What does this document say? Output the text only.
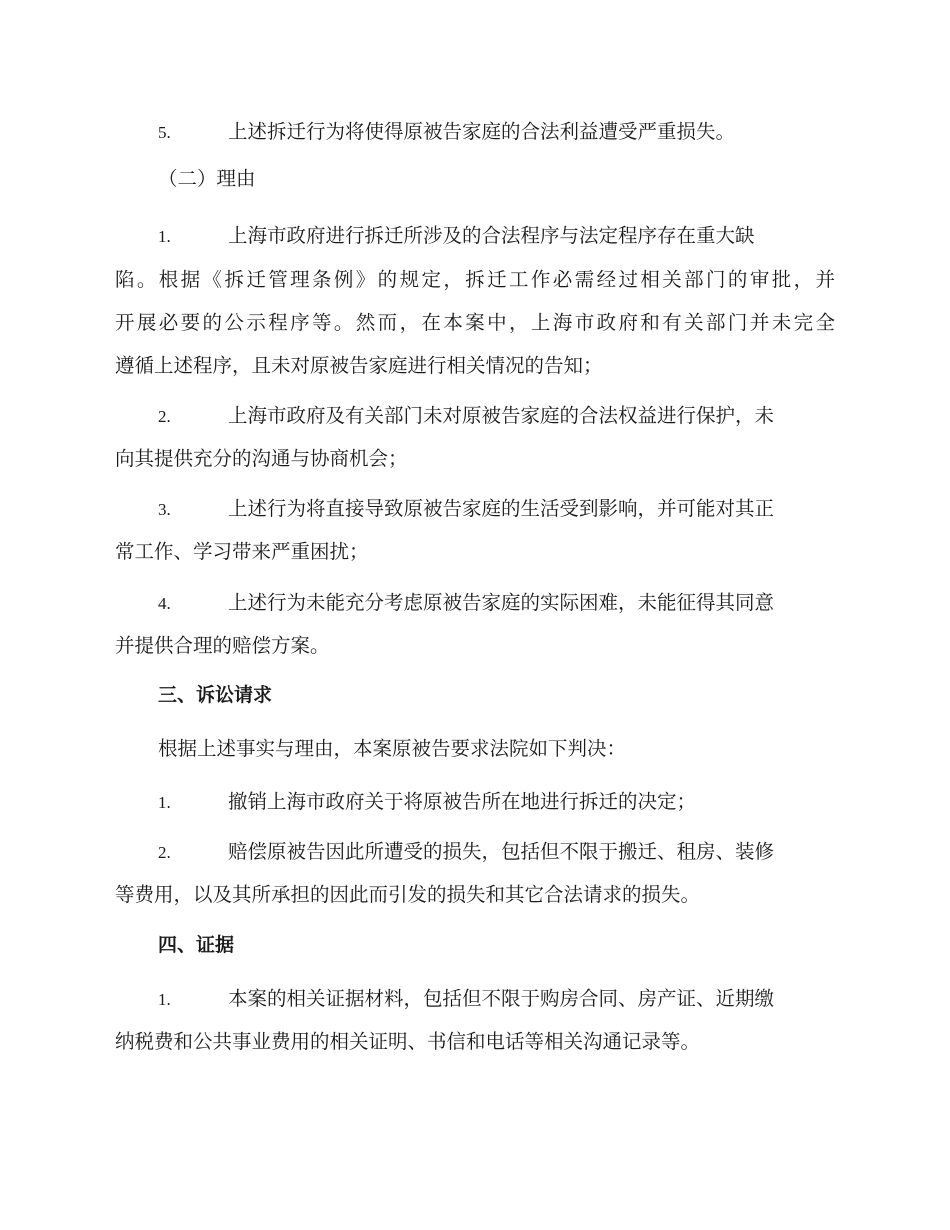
5.	上述拆迁行为将使得原被告家庭的合法利益遭受严重损失。
（二）理由
1.	上海市政府进行拆迁所涉及的合法程序与法定程序存在重大缺
陷。根据《拆迁管理条例》的规定，拆迁工作必需经过相关部门的审批，并
开展必要的公示程序等。然而，在本案中，上海市政府和有关部门并未完全
遵循上述程序，且未对原被告家庭进行相关情况的告知；
2.	上海市政府及有关部门未对原被告家庭的合法权益进行保护，未
向其提供充分的沟通与协商机会；
3.	上述行为将直接导致原被告家庭的生活受到影响，并可能对其正
常工作、学习带来严重困扰；
4.	上述行为未能充分考虑原被告家庭的实际困难，未能征得其同意
并提供合理的赔偿方案。
三、诉讼请求
根据上述事实与理由，本案原被告要求法院如下判决：
1.	撤销上海市政府关于将原被告所在地进行拆迁的决定；
2.	赔偿原被告因此所遭受的损失，包括但不限于搬迁、租房、装修
等费用，以及其所承担的因此而引发的损失和其它合法请求的损失。
四、证据
1.	本案的相关证据材料，包括但不限于购房合同、房产证、近期缴
纳税费和公共事业费用的相关证明、书信和电话等相关沟通记录等。
